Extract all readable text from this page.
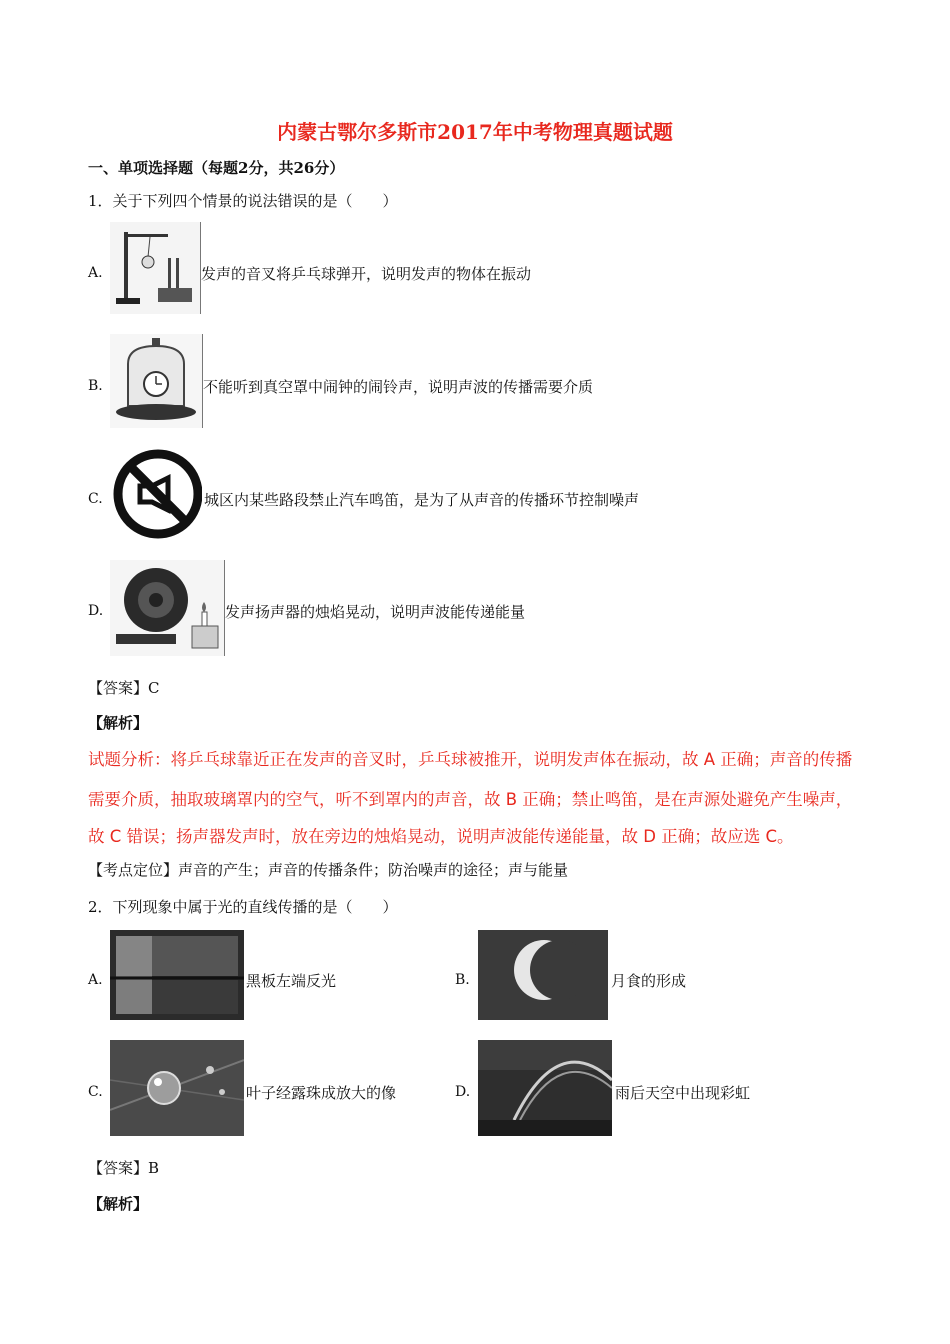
内蒙古鄂尔多斯市2017年中考物理真题试题
一、单项选择题（每题2分，共26分）
1．关于下列四个情景的说法错误的是（　　）
A.	发声的音叉将乒乓球弹开，说明发声的物体在振动
B.	不能听到真空罩中闹钟的闹铃声，说明声波的传播需要介质
C.	城区内某些路段禁止汽车鸣笛，是为了从声音的传播环节控制噪声
D.	发声扬声器的烛焰晃动，说明声波能传递能量
【答案】C
【解析】
试题分析：将乒乓球靠近正在发声的音叉时，乒乓球被推开，说明发声体在振动，故 A 正确；声音的传播
需要介质，抽取玻璃罩内的空气，听不到罩内的声音，故 B 正确；禁止鸣笛，是在声源处避免产生噪声，
故 C 错误；扬声器发声时，放在旁边的烛焰晃动，说明声波能传递能量，故 D 正确；故应选 C。
【考点定位】声音的产生；声音的传播条件；防治噪声的途径；声与能量
2．下列现象中属于光的直线传播的是（　　）
A.	黑板左端反光	B.	月食的形成
C.	叶子经露珠成放大的像	D.	雨后天空中出现彩虹
【答案】B
【解析】
